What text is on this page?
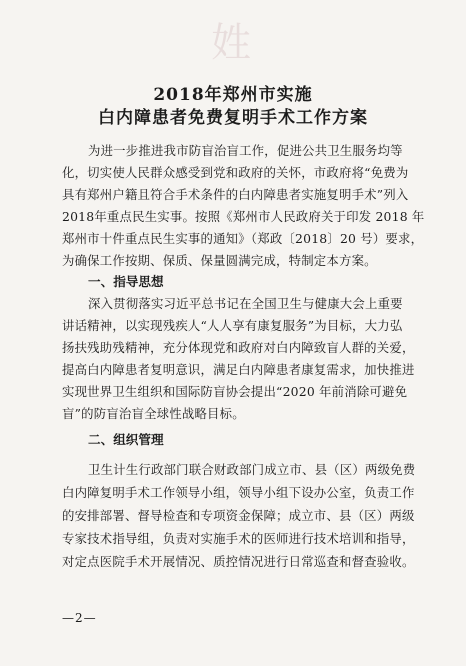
姓
2018年郑州市实施
白内障患者免费复明手术工作方案
为进一步推进我市防盲治盲工作，促进公共卫生服务均等
化，切实使人民群众感受到党和政府的关怀，市政府将“免费为
具有郑州户籍且符合手术条件的白内障患者实施复明手术”列入
2018年重点民生实事。按照《郑州市人民政府关于印发 2018 年
郑州市十件重点民生实事的通知》（郑政〔2018〕20 号）要求，
为确保工作按期、保质、保量圆满完成，特制定本方案。
一、指导思想
深入贯彻落实习近平总书记在全国卫生与健康大会上重要
讲话精神，以实现残疾人“人人享有康复服务”为目标，大力弘
扬扶残助残精神，充分体现党和政府对白内障致盲人群的关爱，
提高白内障患者复明意识，满足白内障患者康复需求，加快推进
实现世界卫生组织和国际防盲协会提出“2020 年前消除可避免
盲”的防盲治盲全球性战略目标。
二、组织管理
卫生计生行政部门联合财政部门成立市、县（区）两级免费
白内障复明手术工作领导小组，领导小组下设办公室，负责工作
的安排部署、督导检查和专项资金保障；成立市、县（区）两级
专家技术指导组，负责对实施手术的医师进行技术培训和指导，
对定点医院手术开展情况、质控情况进行日常巡查和督查验收。
—2—
